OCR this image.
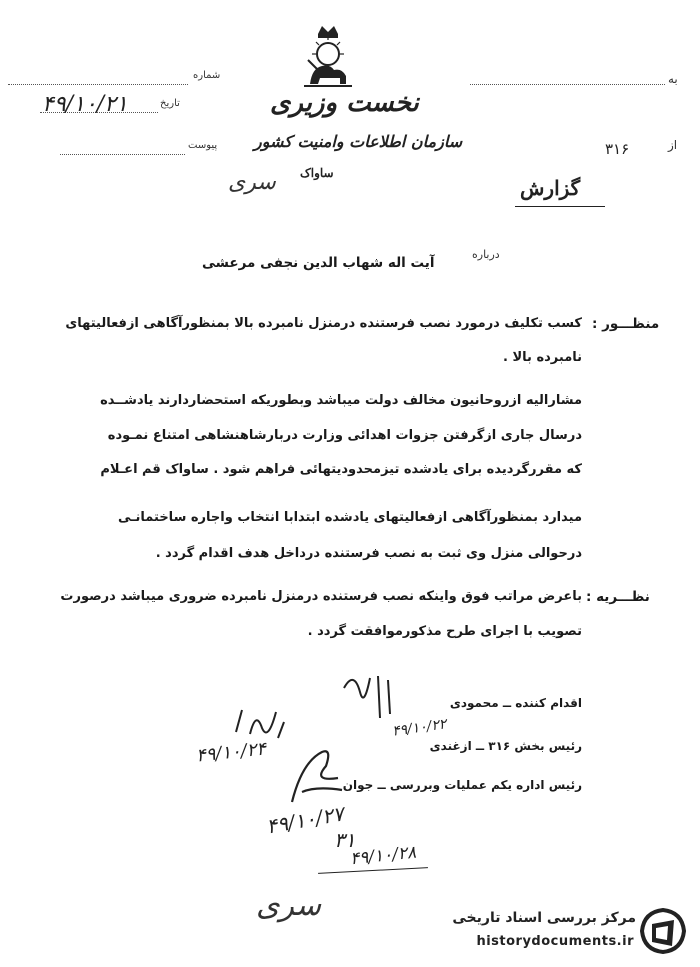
به
از
۳۱۶
شماره
تاریخ
۴۹/۱۰/۲۱
پیوست
نخست وزیری
سازمان اطلاعات وامنیت کشور
ساواک
سری	گزارش
درباره
آیت اله شهاب الدین نجفی مرعشی
منظـــور :
کسب تکلیف درمورد نصب فرستنده درمنزل نامبرده بالا بمنظورآگاهی ازفعالیتهای
نامبرده بالا .
مشارالیه ازروحانیون مخالف دولت میباشد وبطوریکه استحضاردارند یادشــده
درسال جاری ازگرفتن جزوات اهدائی وزارت دربارشاهنشاهی امتناع نمـوده
که مقررگردیده برای یادشده تیزمحدودیتهائی فراهم شود . ساواک قم اعـلام
میدارد بمنظورآگاهی ازفعالیتهای یادشده ابتدابا انتخاب واجاره ساختمانـی
درحوالی منزل وی ثبت به نصب فرستنده درداخل هدف اقدام گردد .
نظـــریه :
باعرض مراتب فوق واینکه نصب فرستنده درمنزل نامبرده ضروری میباشد درصورت
تصویب با اجرای طرح مذکورموافقت گردد .
اقدام کننده ــ محمودی
رئیس بخش ۳۱۶ ــ ازغندی
رئیس اداره یکم عملیات وبررسی ــ جوان
۴۹/۱۰/۲۲
۴۹/۱۰/۲۴
۴۹/۱۰/۲۷
۳۱
۴۹/۱۰/۲۸
سری	مرکز بررسی اسناد تاریخی
historydocuments.ir
